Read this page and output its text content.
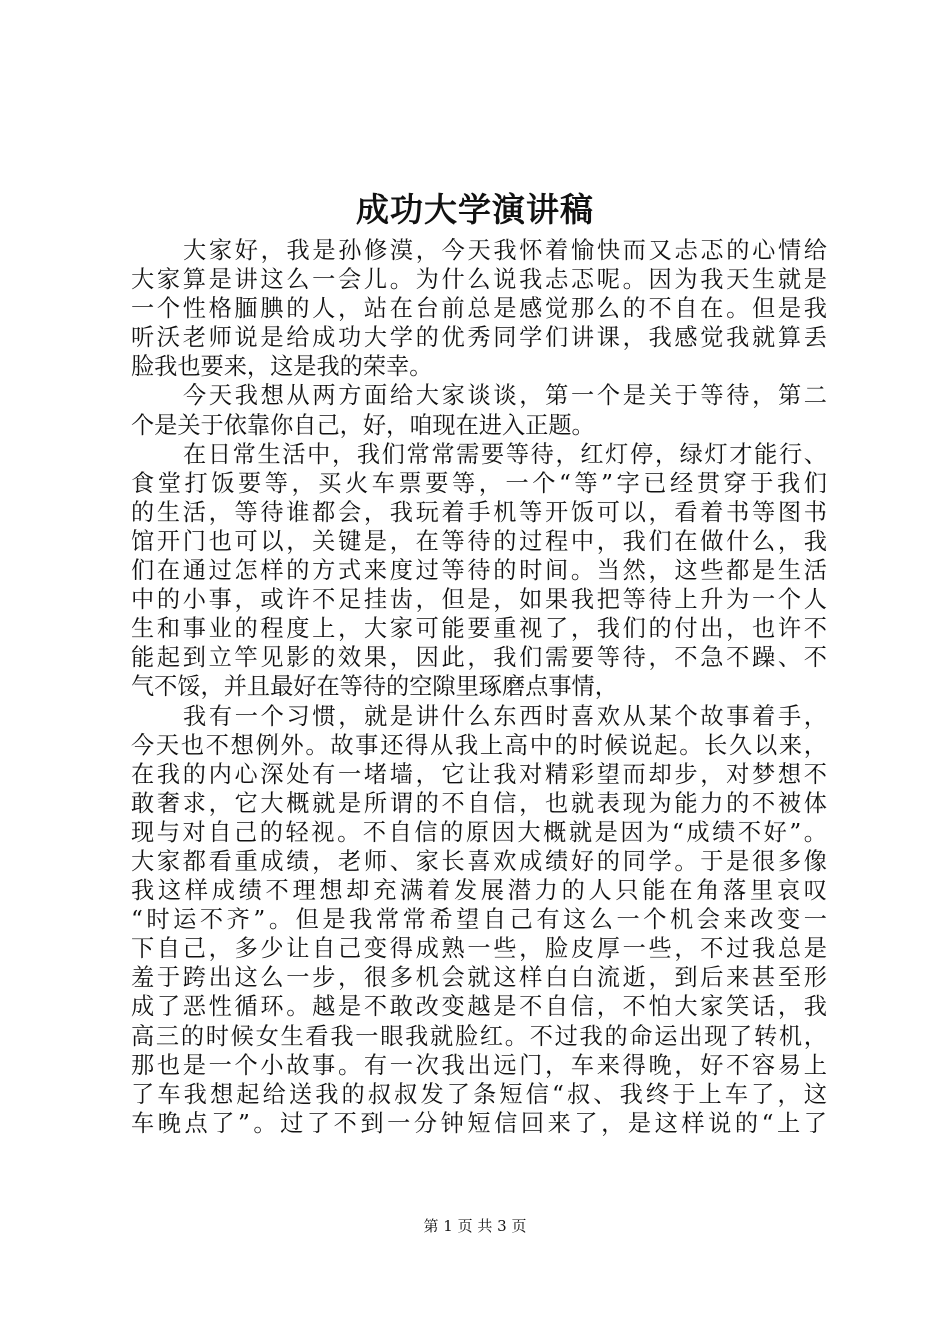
成功大学演讲稿
大家好，我是孙修漠，今天我怀着愉快而又忐忑的心情给
大家算是讲这么一会儿。为什么说我忐忑呢。因为我天生就是
一个性格腼腆的人，站在台前总是感觉那么的不自在。但是我
听沃老师说是给成功大学的优秀同学们讲课，我感觉我就算丢
脸我也要来，这是我的荣幸。
今天我想从两方面给大家谈谈，第一个是关于等待，第二
个是关于依靠你自己，好，咱现在进入正题。
在日常生活中，我们常常需要等待，红灯停，绿灯才能行、
食堂打饭要等，买火车票要等，一个“等”字已经贯穿于我们
的生活，等待谁都会，我玩着手机等开饭可以，看着书等图书
馆开门也可以，关键是，在等待的过程中，我们在做什么，我
们在通过怎样的方式来度过等待的时间。当然，这些都是生活
中的小事，或许不足挂齿，但是，如果我把等待上升为一个人
生和事业的程度上，大家可能要重视了，我们的付出，也许不
能起到立竿见影的效果，因此，我们需要等待，不急不躁、不
气不馁，并且最好在等待的空隙里琢磨点事情，
我有一个习惯，就是讲什么东西时喜欢从某个故事着手，
今天也不想例外。故事还得从我上高中的时候说起。长久以来，
在我的内心深处有一堵墙，它让我对精彩望而却步，对梦想不
敢奢求，它大概就是所谓的不自信，也就表现为能力的不被体
现与对自己的轻视。不自信的原因大概就是因为“成绩不好”。
大家都看重成绩，老师、家长喜欢成绩好的同学。于是很多像
我这样成绩不理想却充满着发展潜力的人只能在角落里哀叹
“时运不齐”。但是我常常希望自己有这么一个机会来改变一
下自己，多少让自己变得成熟一些，脸皮厚一些，不过我总是
羞于跨出这么一步，很多机会就这样白白流逝，到后来甚至形
成了恶性循环。越是不敢改变越是不自信，不怕大家笑话，我
高三的时候女生看我一眼我就脸红。不过我的命运出现了转机，
那也是一个小故事。有一次我出远门，车来得晚，好不容易上
了车我想起给送我的叔叔发了条短信“叔、我终于上车了，这
车晚点了”。过了不到一分钟短信回来了，是这样说的“上了
第 1 页 共 3 页
